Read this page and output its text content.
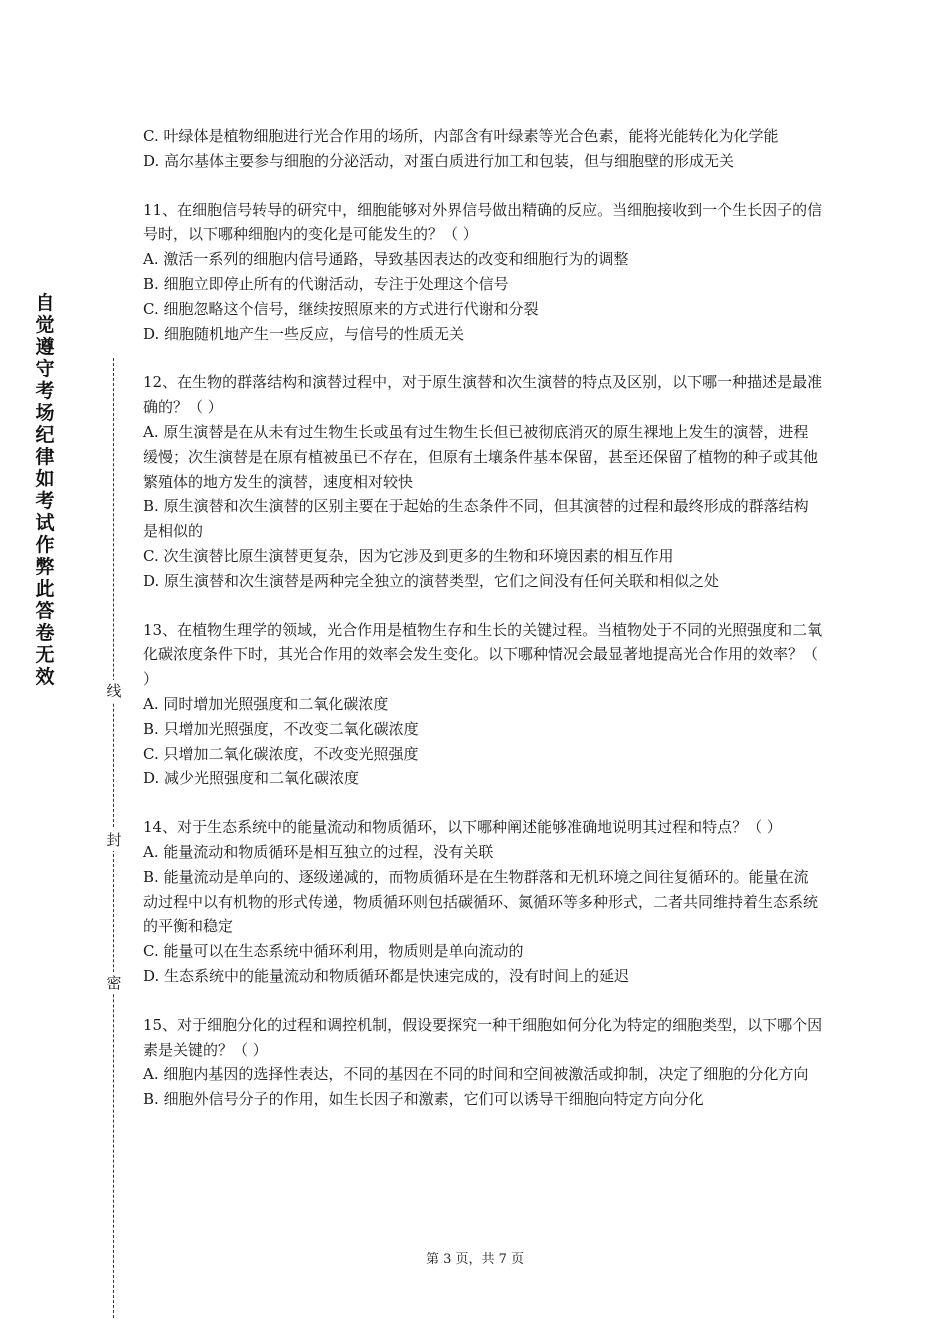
自觉遵守考场纪律如考试作弊此答卷无效
线
封
密

C. 叶绿体是植物细胞进行光合作用的场所，内部含有叶绿素等光合色素，能将光能转化为化学能

D. 高尔基体主要参与细胞的分泌活动，对蛋白质进行加工和包装，但与细胞壁的形成无关

11、在细胞信号转导的研究中，细胞能够对外界信号做出精确的反应。当细胞接收到一个生长因子的信号时，以下哪种细胞内的变化是可能发生的？（ ）

A. 激活一系列的细胞内信号通路，导致基因表达的改变和细胞行为的调整

B. 细胞立即停止所有的代谢活动，专注于处理这个信号

C. 细胞忽略这个信号，继续按照原来的方式进行代谢和分裂

D. 细胞随机地产生一些反应，与信号的性质无关

12、在生物的群落结构和演替过程中，对于原生演替和次生演替的特点及区别，以下哪一种描述是最准确的？（ ）

A. 原生演替是在从未有过生物生长或虽有过生物生长但已被彻底消灭的原生裸地上发生的演替，进程缓慢；次生演替是在原有植被虽已不存在，但原有土壤条件基本保留，甚至还保留了植物的种子或其他繁殖体的地方发生的演替，速度相对较快

B. 原生演替和次生演替的区别主要在于起始的生态条件不同，但其演替的过程和最终形成的群落结构是相似的

C. 次生演替比原生演替更复杂，因为它涉及到更多的生物和环境因素的相互作用

D. 原生演替和次生演替是两种完全独立的演替类型，它们之间没有任何关联和相似之处

13、在植物生理学的领域，光合作用是植物生存和生长的关键过程。当植物处于不同的光照强度和二氧化碳浓度条件下时，其光合作用的效率会发生变化。以下哪种情况会最显著地提高光合作用的效率？（ ）

A. 同时增加光照强度和二氧化碳浓度

B. 只增加光照强度，不改变二氧化碳浓度

C. 只增加二氧化碳浓度，不改变光照强度

D. 减少光照强度和二氧化碳浓度

14、对于生态系统中的能量流动和物质循环，以下哪种阐述能够准确地说明其过程和特点？（ ）

A. 能量流动和物质循环是相互独立的过程，没有关联

B. 能量流动是单向的、逐级递减的，而物质循环是在生物群落和无机环境之间往复循环的。能量在流动过程中以有机物的形式传递，物质循环则包括碳循环、氮循环等多种形式，二者共同维持着生态系统的平衡和稳定

C. 能量可以在生态系统中循环利用，物质则是单向流动的

D. 生态系统中的能量流动和物质循环都是快速完成的，没有时间上的延迟

15、对于细胞分化的过程和调控机制，假设要探究一种干细胞如何分化为特定的细胞类型，以下哪个因素是关键的？（ ）

A. 细胞内基因的选择性表达，不同的基因在不同的时间和空间被激活或抑制，决定了细胞的分化方向

B. 细胞外信号分子的作用，如生长因子和激素，它们可以诱导干细胞向特定方向分化

第 3 页，共 7 页
